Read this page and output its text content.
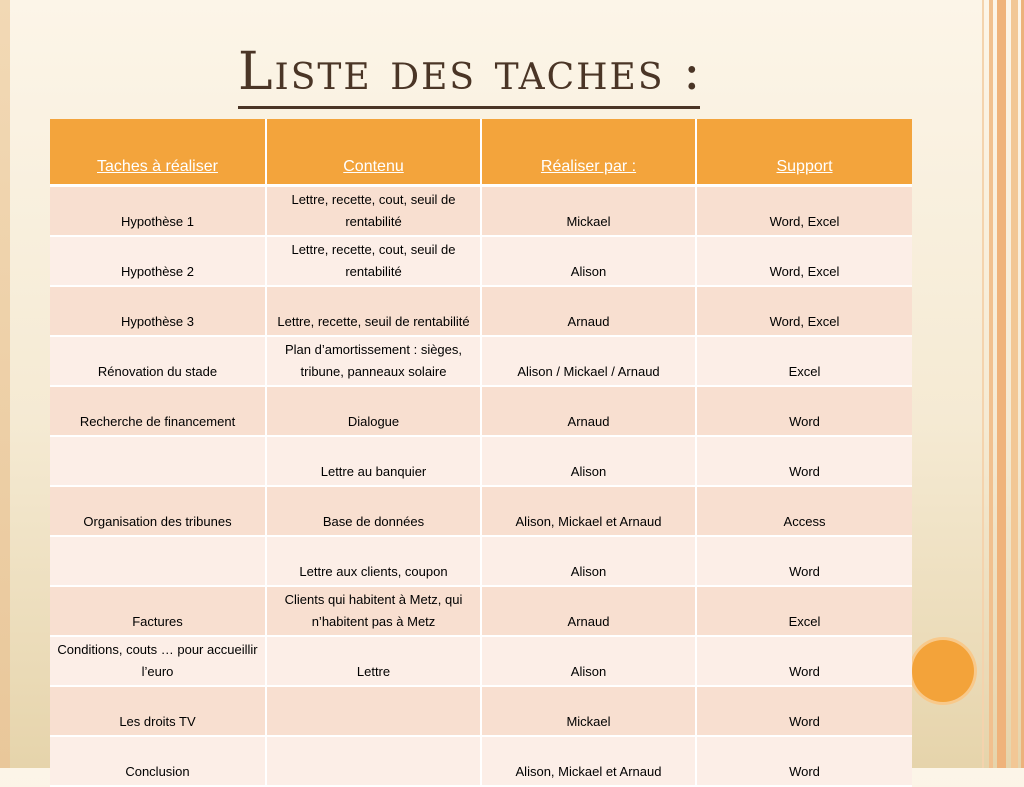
Liste des taches :
Taches à réaliser	Contenu	Réaliser par :	Support

Hypothèse 1	Lettre, recette, cout, seuil de rentabilité	Mickael	Word, Excel

Hypothèse 2	Lettre, recette, cout, seuil de rentabilité	Alison	Word, Excel

Hypothèse 3	Lettre, recette, seuil de rentabilité	Arnaud	Word, Excel

Rénovation du stade	Plan d’amortissement : sièges, tribune, panneaux solaire	Alison / Mickael / Arnaud	Excel

Recherche de financement	Dialogue	Arnaud	Word

	Lettre au banquier	Alison	Word

Organisation des tribunes	Base de données	Alison, Mickael et Arnaud	Access

	Lettre aux clients, coupon	Alison	Word

Factures	Clients qui habitent à Metz, qui n’habitent pas à Metz	Arnaud	Excel

Conditions, couts … pour accueillir l’euro	Lettre	Alison	Word

Les droits TV		Mickael	Word

Conclusion		Alison, Mickael et Arnaud	Word
